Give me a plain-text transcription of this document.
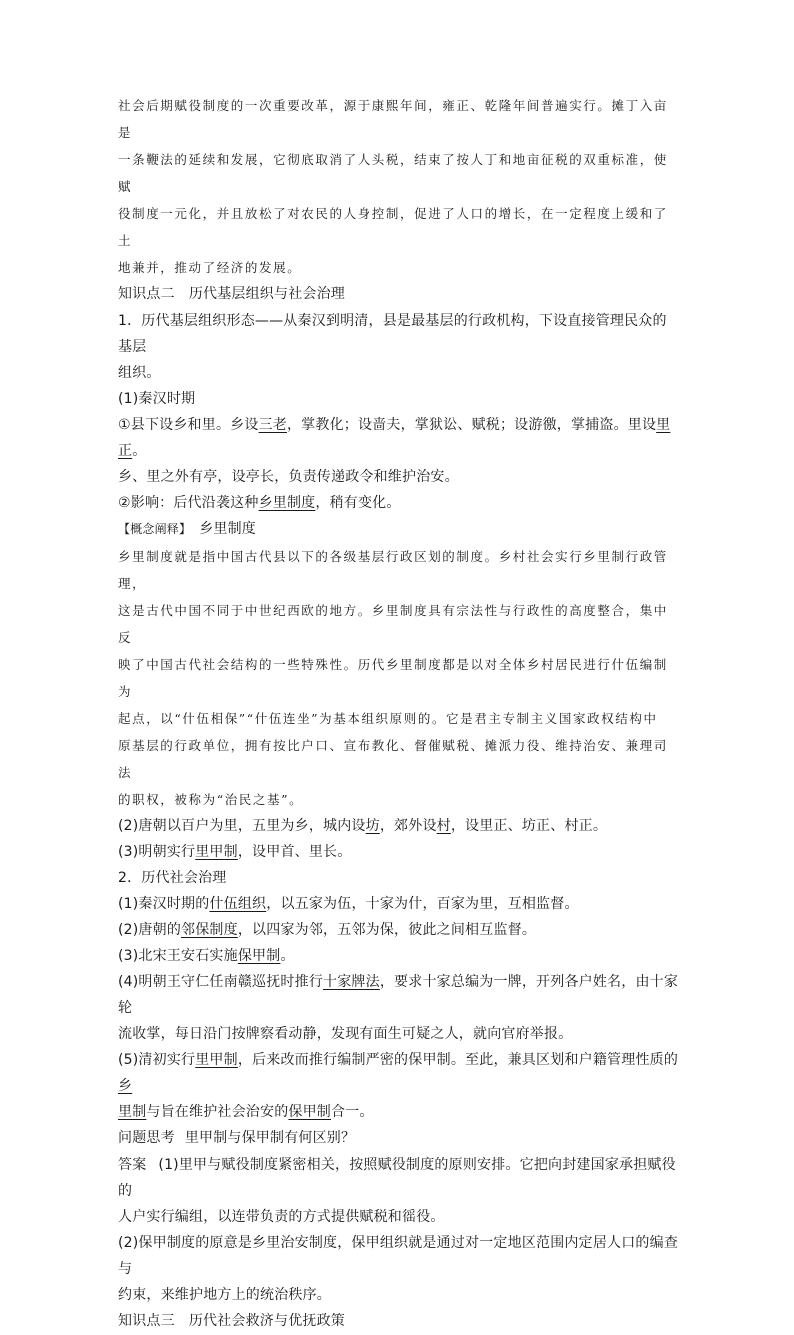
社会后期赋役制度的一次重要改革，源于康熙年间，雍正、乾隆年间普遍实行。摊丁入亩是

一条鞭法的延续和发展，它彻底取消了人头税，结束了按人丁和地亩征税的双重标准，使赋

役制度一元化，并且放松了对农民的人身控制，促进了人口的增长，在一定程度上缓和了土

地兼并，推动了经济的发展。

知识点二 历代基层组织与社会治理

1．历代基层组织形态——从秦汉到明清，县是最基层的行政机构，下设直接管理民众的基层

组织。

(1)秦汉时期

①县下设乡和里。乡设三老，掌教化；设啬夫，掌狱讼、赋税；设游徼，掌捕盗。里设里正。

乡、里之外有亭，设亭长，负责传递政令和维护治安。

②影响：后代沿袭这种乡里制度，稍有变化。

【概念阐释】 乡里制度

乡里制度就是指中国古代县以下的各级基层行政区划的制度。乡村社会实行乡里制行政管理，

这是古代中国不同于中世纪西欧的地方。乡里制度具有宗法性与行政性的高度整合，集中反

映了中国古代社会结构的一些特殊性。历代乡里制度都是以对全体乡村居民进行什伍编制为

起点，以“什伍相保”“什伍连坐”为基本组织原则的。它是君主专制主义国家政权结构中

原基层的行政单位，拥有按比户口、宣布教化、督催赋税、摊派力役、维持治安、兼理司法

的职权，被称为“治民之基”。

(2)唐朝以百户为里，五里为乡，城内设坊，郊外设村，设里正、坊正、村正。

(3)明朝实行里甲制，设甲首、里长。

2．历代社会治理

(1)秦汉时期的什伍组织，以五家为伍，十家为什，百家为里，互相监督。

(2)唐朝的邻保制度，以四家为邻，五邻为保，彼此之间相互监督。

(3)北宋王安石实施保甲制。

(4)明朝王守仁任南赣巡抚时推行十家牌法，要求十家总编为一牌，开列各户姓名，由十家轮

流收掌，每日沿门按牌察看动静，发现有面生可疑之人，就向官府举报。

(5)清初实行里甲制，后来改而推行编制严密的保甲制。至此，兼具区划和户籍管理性质的乡

里制与旨在维护社会治安的保甲制合一。

问题思考 里甲制与保甲制有何区别？

答案 (1)里甲与赋役制度紧密相关，按照赋役制度的原则安排。它把向封建国家承担赋役的

人户实行编组，以连带负责的方式提供赋税和徭役。

(2)保甲制度的原意是乡里治安制度，保甲组织就是通过对一定地区范围内定居人口的编查与

约束，来维护地方上的统治秩序。

知识点三 历代社会救济与优抚政策
